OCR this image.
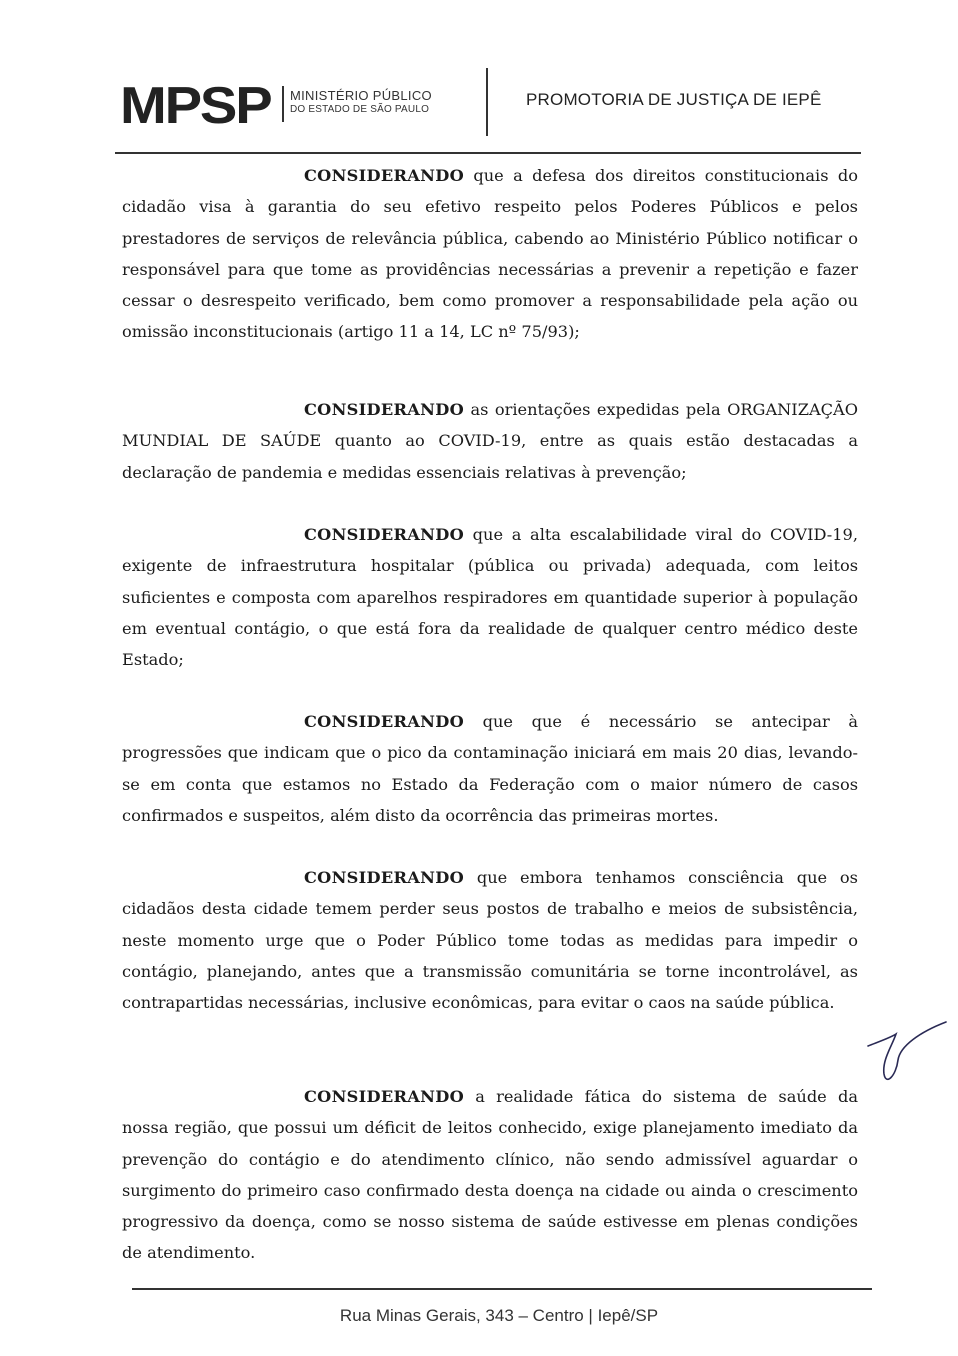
MPSP MINISTÉRIO PÚBLICO
DO ESTADO DE SÃO PAULO
PROMOTORIA DE JUSTIÇA DE IEPÊ

CONSIDERANDO que a defesa dos direitos constitucionais do cidadão visa à garantia do seu efetivo respeito pelos Poderes Públicos e pelos prestadores de serviços de relevância pública, cabendo ao Ministério Público notificar o responsável para que tome as providências necessárias a prevenir a repetição e fazer cessar o desrespeito verificado, bem como promover a responsabilidade pela ação ou omissão inconstitucionais (artigo 11 a 14, LC nº 75/93);

CONSIDERANDO as orientações expedidas pela ORGANIZAÇÃO MUNDIAL DE SAÚDE quanto ao COVID-19, entre as quais estão destacadas a declaração de pandemia e medidas essenciais relativas à prevenção;

CONSIDERANDO que a alta escalabilidade viral do COVID-19, exigente de infraestrutura hospitalar (pública ou privada) adequada, com leitos suficientes e composta com aparelhos respiradores em quantidade superior à população em eventual contágio, o que está fora da realidade de qualquer centro médico deste Estado;

CONSIDERANDO que que é necessário se antecipar à progressões que indicam que o pico da contaminação iniciará em mais 20 dias, levando-se em conta que estamos no Estado da Federação com o maior número de casos confirmados e suspeitos, além disto da ocorrência das primeiras mortes.

CONSIDERANDO que embora tenhamos consciência que os cidadãos desta cidade temem perder seus postos de trabalho e meios de subsistência, neste momento urge que o Poder Público tome todas as medidas para impedir o contágio, planejando, antes que a transmissão comunitária se torne incontrolável, as contrapartidas necessárias, inclusive econômicas, para evitar o caos na saúde pública.

CONSIDERANDO a realidade fática do sistema de saúde da nossa região, que possui um déficit de leitos conhecido, exige planejamento imediato da prevenção do contágio e do atendimento clínico, não sendo admissível aguardar o surgimento do primeiro caso confirmado desta doença na cidade ou ainda o crescimento progressivo da doença, como se nosso sistema de saúde estivesse em plenas condições de atendimento.

Rua Minas Gerais, 343 – Centro | Iepê/SP
